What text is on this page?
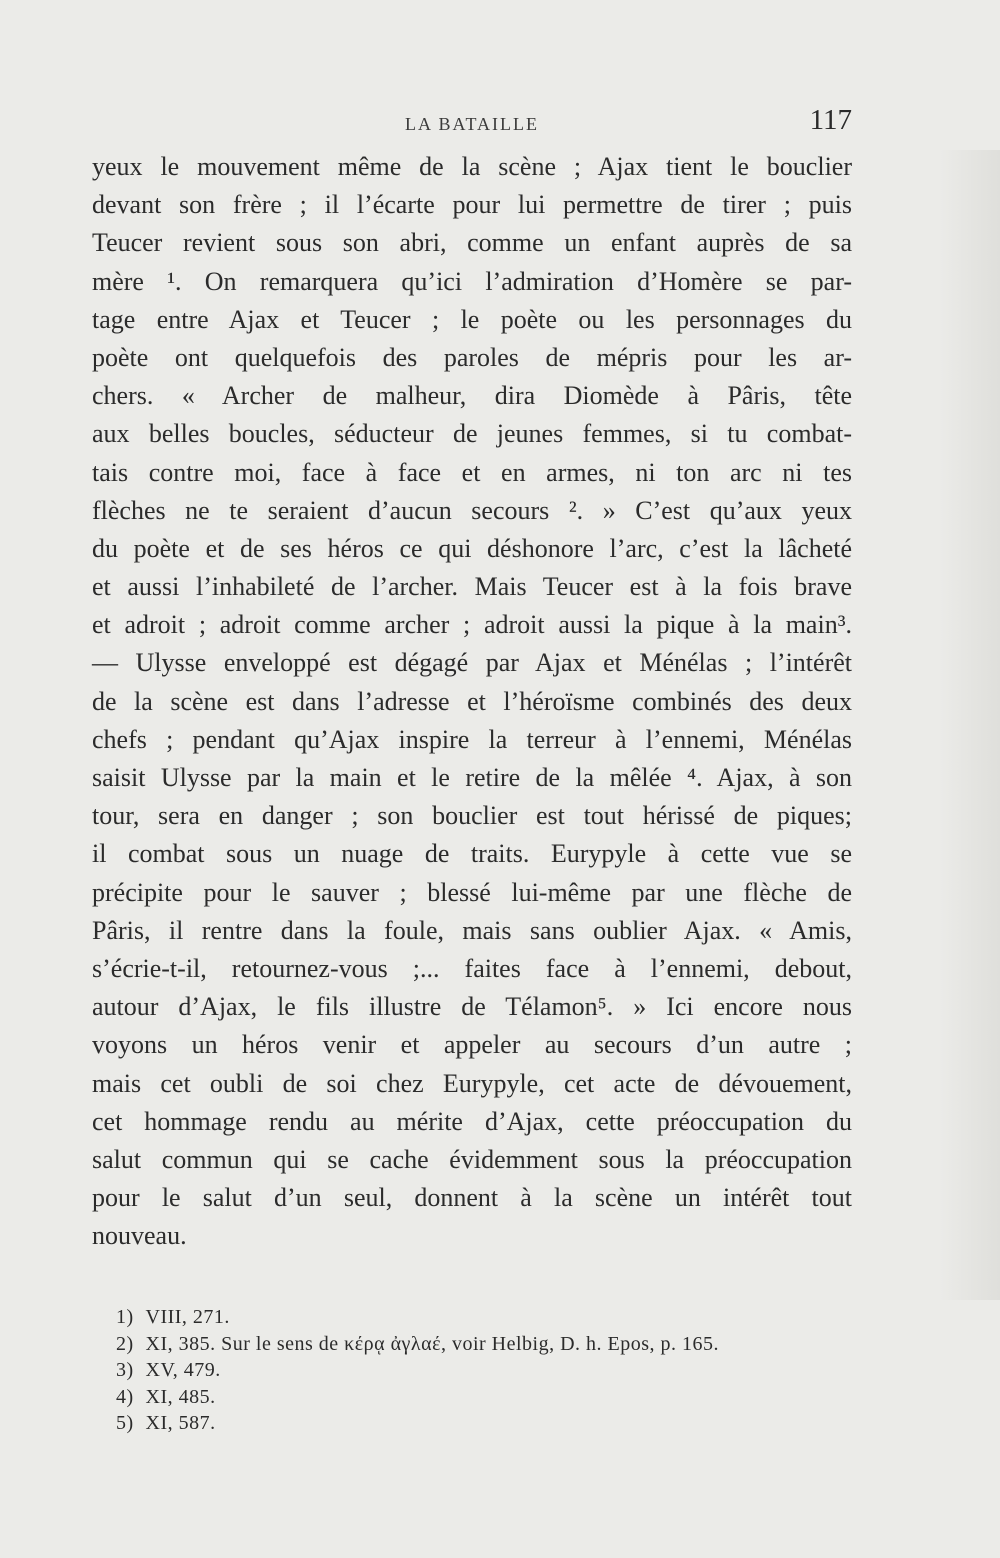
LA BATAILLE	117
yeux le mouvement même de la scène ; Ajax tient le bouclier
devant son frère ; il l’écarte pour lui permettre de tirer ; puis
Teucer revient sous son abri, comme un enfant auprès de sa
mère ¹. On remarquera qu’ici l’admiration d’Homère se par-
tage entre Ajax et Teucer ; le poète ou les personnages du
poète ont quelquefois des paroles de mépris pour les ar-
chers. « Archer de malheur, dira Diomède à Pâris, tête
aux belles boucles, séducteur de jeunes femmes, si tu combat-
tais contre moi, face à face et en armes, ni ton arc ni tes
flèches ne te seraient d’aucun secours ². » C’est qu’aux yeux
du poète et de ses héros ce qui déshonore l’arc, c’est la lâcheté
et aussi l’inhabileté de l’archer. Mais Teucer est à la fois brave
et adroit ; adroit comme archer ; adroit aussi la pique à la main³.
— Ulysse enveloppé est dégagé par Ajax et Ménélas ; l’intérêt
de la scène est dans l’adresse et l’héroïsme combinés des deux
chefs ; pendant qu’Ajax inspire la terreur à l’ennemi, Ménélas
saisit Ulysse par la main et le retire de la mêlée ⁴. Ajax, à son
tour, sera en danger ; son bouclier est tout hérissé de piques;
il combat sous un nuage de traits. Eurypyle à cette vue se
précipite pour le sauver ; blessé lui-même par une flèche de
Pâris, il rentre dans la foule, mais sans oublier Ajax. « Amis,
s’écrie-t-il, retournez-vous ;... faites face à l’ennemi, debout,
autour d’Ajax, le fils illustre de Télamon⁵. » Ici encore nous
voyons un héros venir et appeler au secours d’un autre ;
mais cet oubli de soi chez Eurypyle, cet acte de dévouement,
cet hommage rendu au mérite d’Ajax, cette préoccupation du
salut commun qui se cache évidemment sous la préoccupation
pour le salut d’un seul, donnent à la scène un intérêt tout
nouveau.
1) VIII, 271.
2) XI, 385. Sur le sens de κέρᾳ ἀγλαέ, voir Helbig, D. h. Epos, p. 165.
3) XV, 479.
4) XI, 485.
5) XI, 587.
